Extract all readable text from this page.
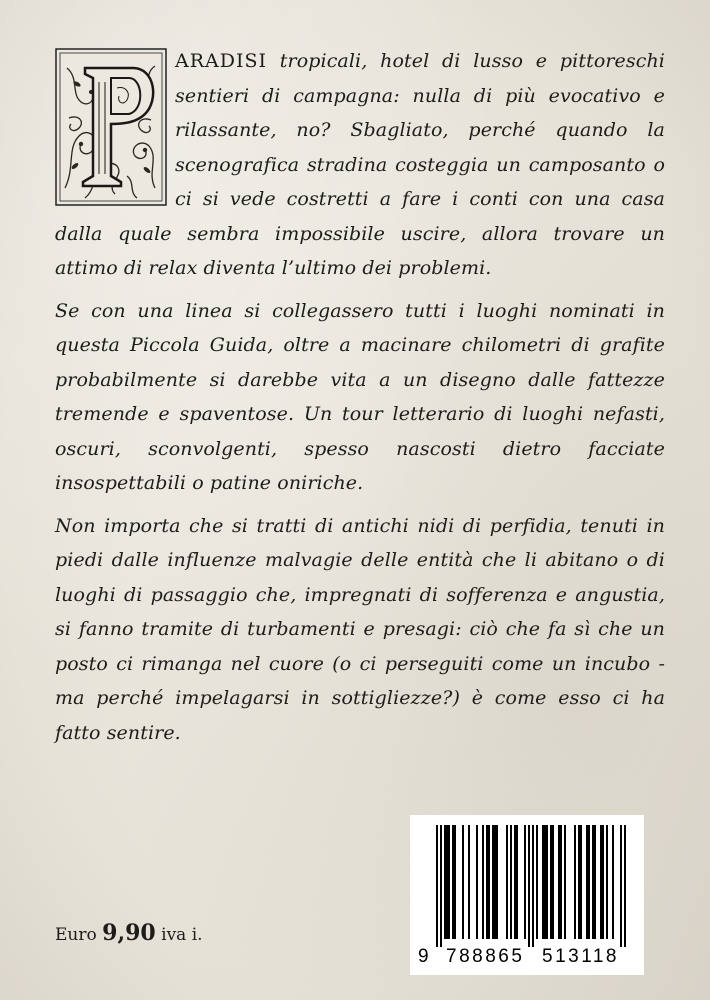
ARADISI tropicali, hotel di lusso e pittoreschi sentieri di campagna: nulla di più evocativo e rilassante, no? Sbagliato, perché quando la scenografica stradina costeggia un camposanto o ci si vede costretti a fare i conti con una casa dalla quale sembra impossibile uscire, allora trovare un attimo di relax diventa l’ultimo dei problemi.

Se con una linea si collegassero tutti i luoghi nominati in questa Piccola Guida, oltre a macinare chilometri di grafite probabilmente si darebbe vita a un disegno dalle fattezze tremende e spaventose. Un tour letterario di luoghi nefasti, oscuri, sconvolgenti, spesso nascosti dietro facciate insospettabili o patine oniriche.

Non importa che si tratti di antichi nidi di perfidia, tenuti in piedi dalle influenze malvagie delle entità che li abitano o di luoghi di passaggio che, impregnati di sofferenza e angustia, si fanno tramite di turbamenti e presagi: ciò che fa sì che un posto ci rimanga nel cuore (o ci perseguiti come un incubo - ma perché impelagarsi in sottigliezze?) è come esso ci ha fatto sentire.

Euro 9,90 iva i.
9 788865 513118
